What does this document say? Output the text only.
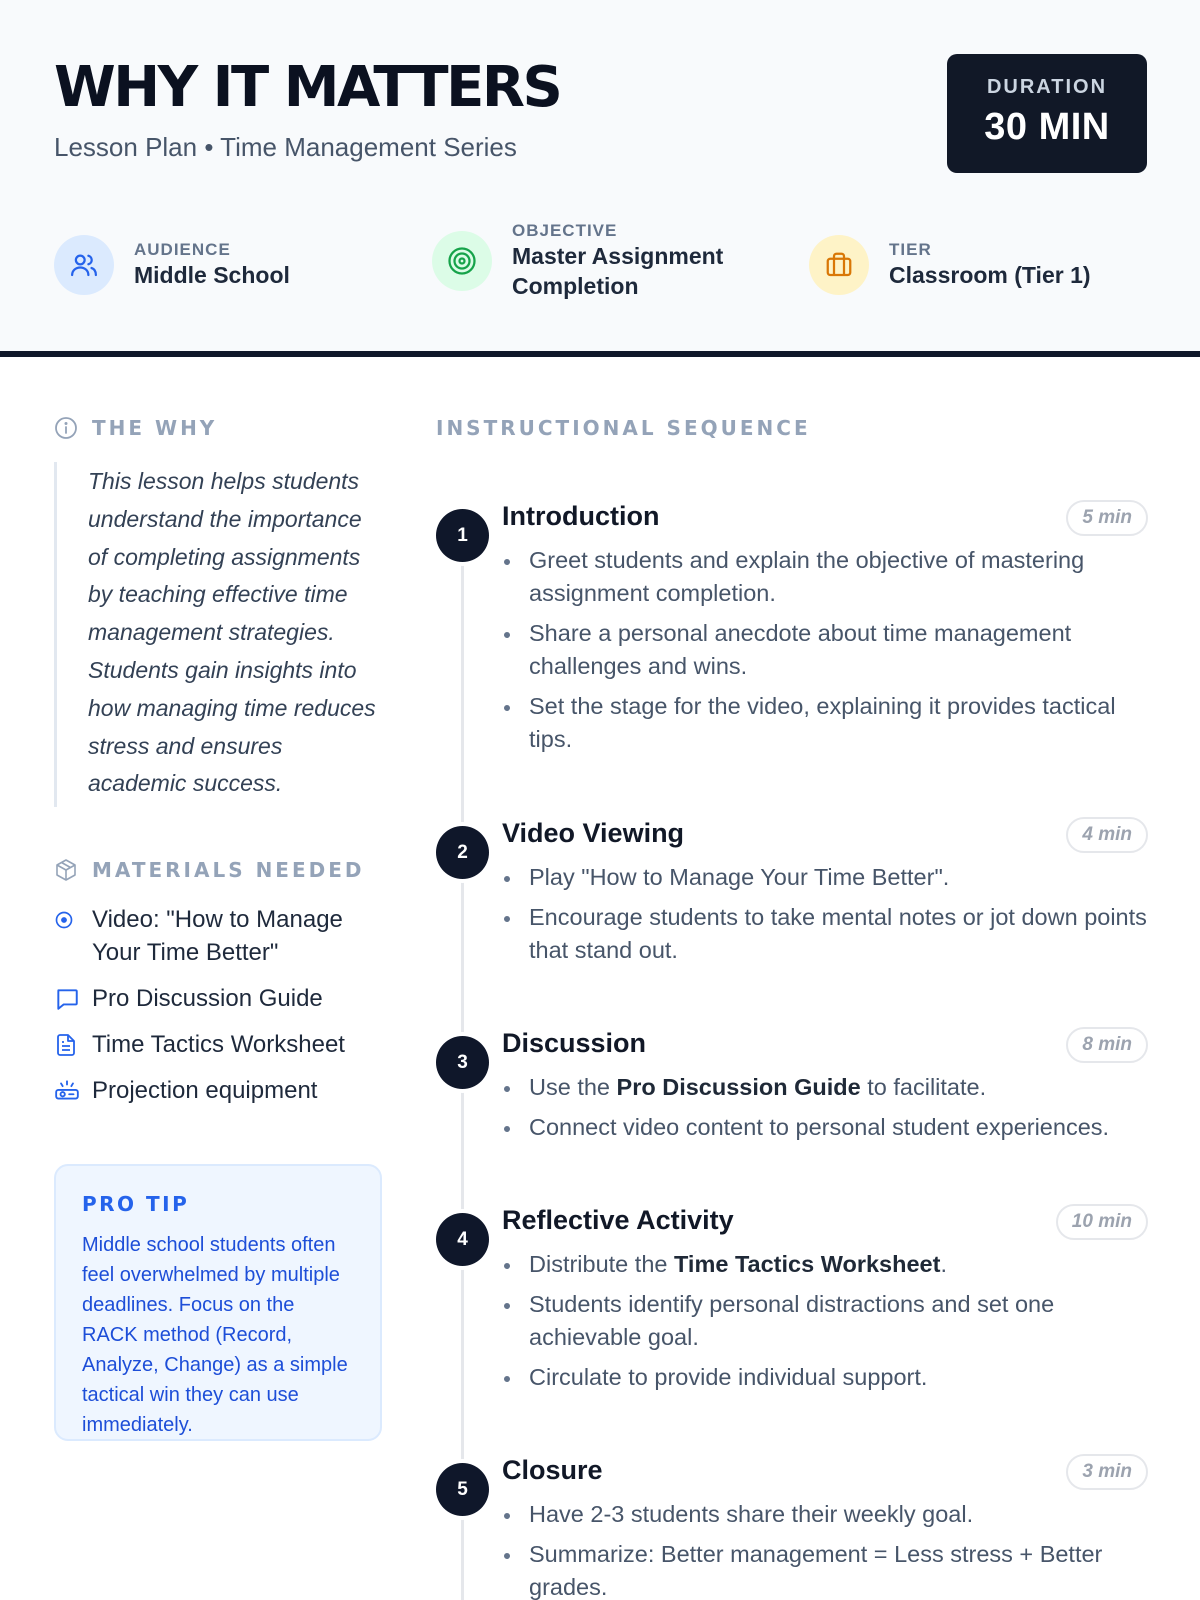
WHY IT MATTERS
Lesson Plan • Time Management Series
DURATION
30 MIN
AUDIENCE
Middle School
OBJECTIVE
Master Assignment Completion
TIER
Classroom (Tier 1)
THE WHY
This lesson helps students understand the importance of completing assignments by teaching effective time management strategies. Students gain insights into how managing time reduces stress and ensures academic success.
MATERIALS NEEDED
Video: "How to Manage Your Time Better"
Pro Discussion Guide
Time Tactics Worksheet
Projection equipment
PRO TIP
Middle school students often feel overwhelmed by multiple deadlines. Focus on the RACK method (Record, Analyze, Change) as a simple tactical win they can use immediately.
INSTRUCTIONAL SEQUENCE
1
Introduction	5 min
Greet students and explain the objective of mastering assignment completion.
Share a personal anecdote about time management challenges and wins.
Set the stage for the video, explaining it provides tactical tips.
2
Video Viewing	4 min
Play "How to Manage Your Time Better".
Encourage students to take mental notes or jot down points that stand out.
3
Discussion	8 min
Use the Pro Discussion Guide to facilitate.
Connect video content to personal student experiences.
4
Reflective Activity	10 min
Distribute the Time Tactics Worksheet.
Students identify personal distractions and set one achievable goal.
Circulate to provide individual support.
5
Closure	3 min
Have 2-3 students share their weekly goal.
Summarize: Better management = Less stress + Better grades.
